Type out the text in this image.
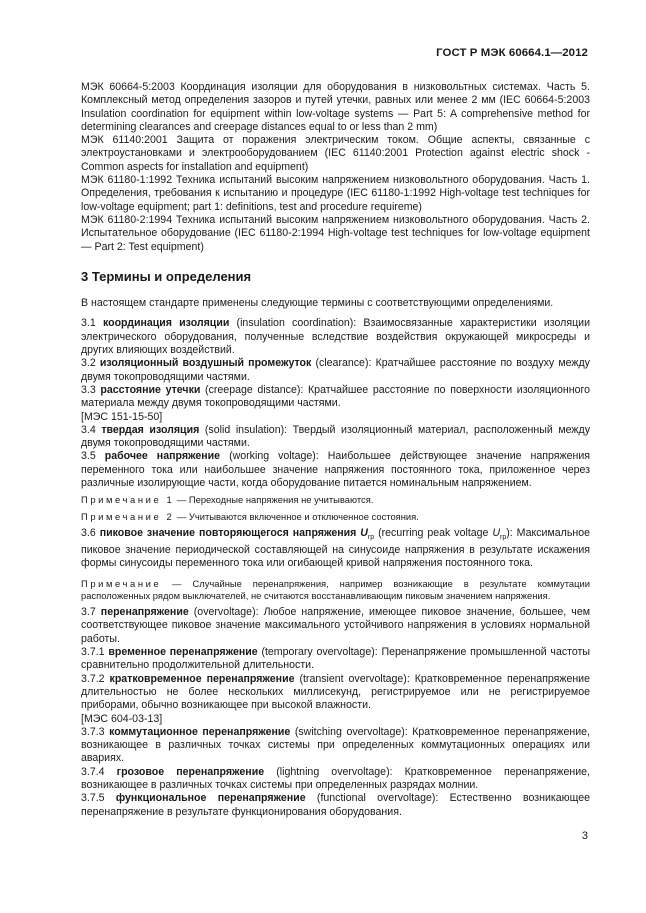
ГОСТ Р МЭК 60664.1—2012

МЭК 60664-5:2003 Координация изоляции для оборудования в низковольтных системах. Часть 5. Комплексный метод определения зазоров и путей утечки, равных или менее 2 мм (IEC 60664-5:2003 Insulation coordination for equipment within low-voltage systems — Part 5: A comprehensive method for determining clearances and creepage distances equal to or less than 2 mm)

МЭК 61140:2001 Защита от поражения электрическим током. Общие аспекты, связанные с электроустановками и электрооборудованием (IEC 61140:2001 Protection against electric shock - Common aspects for installation and equipment)

МЭК 61180-1:1992 Техника испытаний высоким напряжением низковольтного оборудования. Часть 1. Определения, требования к испытанию и процедуре (IEC 61180-1:1992 High-voltage test techniques for low-voltage equipment; part 1: definitions, test and procedure requireme)

МЭК 61180-2:1994 Техника испытаний высоким напряжением низковольтного оборудования. Часть 2. Испытательное оборудование (IEC 61180-2:1994 High-voltage test techniques for low-voltage equipment — Part 2: Test equipment)

3 Термины и определения

В настоящем стандарте применены следующие термины с соответствующими определениями.

3.1 координация изоляции (insulation coordination): Взаимосвязанные характеристики изоляции электрического оборудования, полученные вследствие воздействия окружающей микросреды и других влияющих воздействий.

3.2 изоляционный воздушный промежуток (clearance): Кратчайшее расстояние по воздуху между двумя токопроводящими частями.

3.3 расстояние утечки (creepage distance): Кратчайшее расстояние по поверхности изоляционного материала между двумя токопроводящими частями.

[МЭС 151-15-50]

3.4 твердая изоляция (solid insulation): Твердый изоляционный материал, расположенный между двумя токопроводящими частями.

3.5 рабочее напряжение (working voltage): Наибольшее действующее значение напряжения переменного тока или наибольшее значение напряжения постоянного тока, приложенное через различные изолирующие части, когда оборудование питается номинальным напряжением.

Примечание 1 — Переходные напряжения не учитываются.

Примечание 2 — Учитываются включенное и отключенное состояния.

3.6 пиковое значение повторяющегося напряжения $U_{rp}$ (recurring peak voltage $U_{rp}$): Максимальное пиковое значение периодической составляющей на синусоиде напряжения в результате искажения формы синусоиды переменного тока или огибающей кривой напряжения постоянного тока.

Примечание — Случайные перенапряжения, например возникающие в результате коммутации расположенных рядом выключателей, не считаются восстанавливающим пиковым значением напряжения.

3.7 перенапряжение (overvoltage): Любое напряжение, имеющее пиковое значение, большее, чем соответствующее пиковое значение максимального устойчивого напряжения в условиях нормальной работы.

3.7.1 временное перенапряжение (temporary overvoltage): Перенапряжение промышленной частоты сравнительно продолжительной длительности.

3.7.2 кратковременное перенапряжение (transient overvoltage): Кратковременное перенапряжение длительностью не более нескольких миллисекунд, регистрируемое или не регистрируемое приборами, обычно возникающее при высокой влажности.

[МЭС 604-03-13]

3.7.3 коммутационное перенапряжение (switching overvoltage): Кратковременное перенапряжение, возникающее в различных точках системы при определенных коммутационных операциях или авариях.

3.7.4 грозовое перенапряжение (lightning overvoltage): Кратковременное перенапряжение, возникающее в различных точках системы при определенных разрядах молнии.

3.7.5 функциональное перенапряжение (functional overvoltage): Естественно возникающее перенапряжение в результате функционирования оборудования.

3
